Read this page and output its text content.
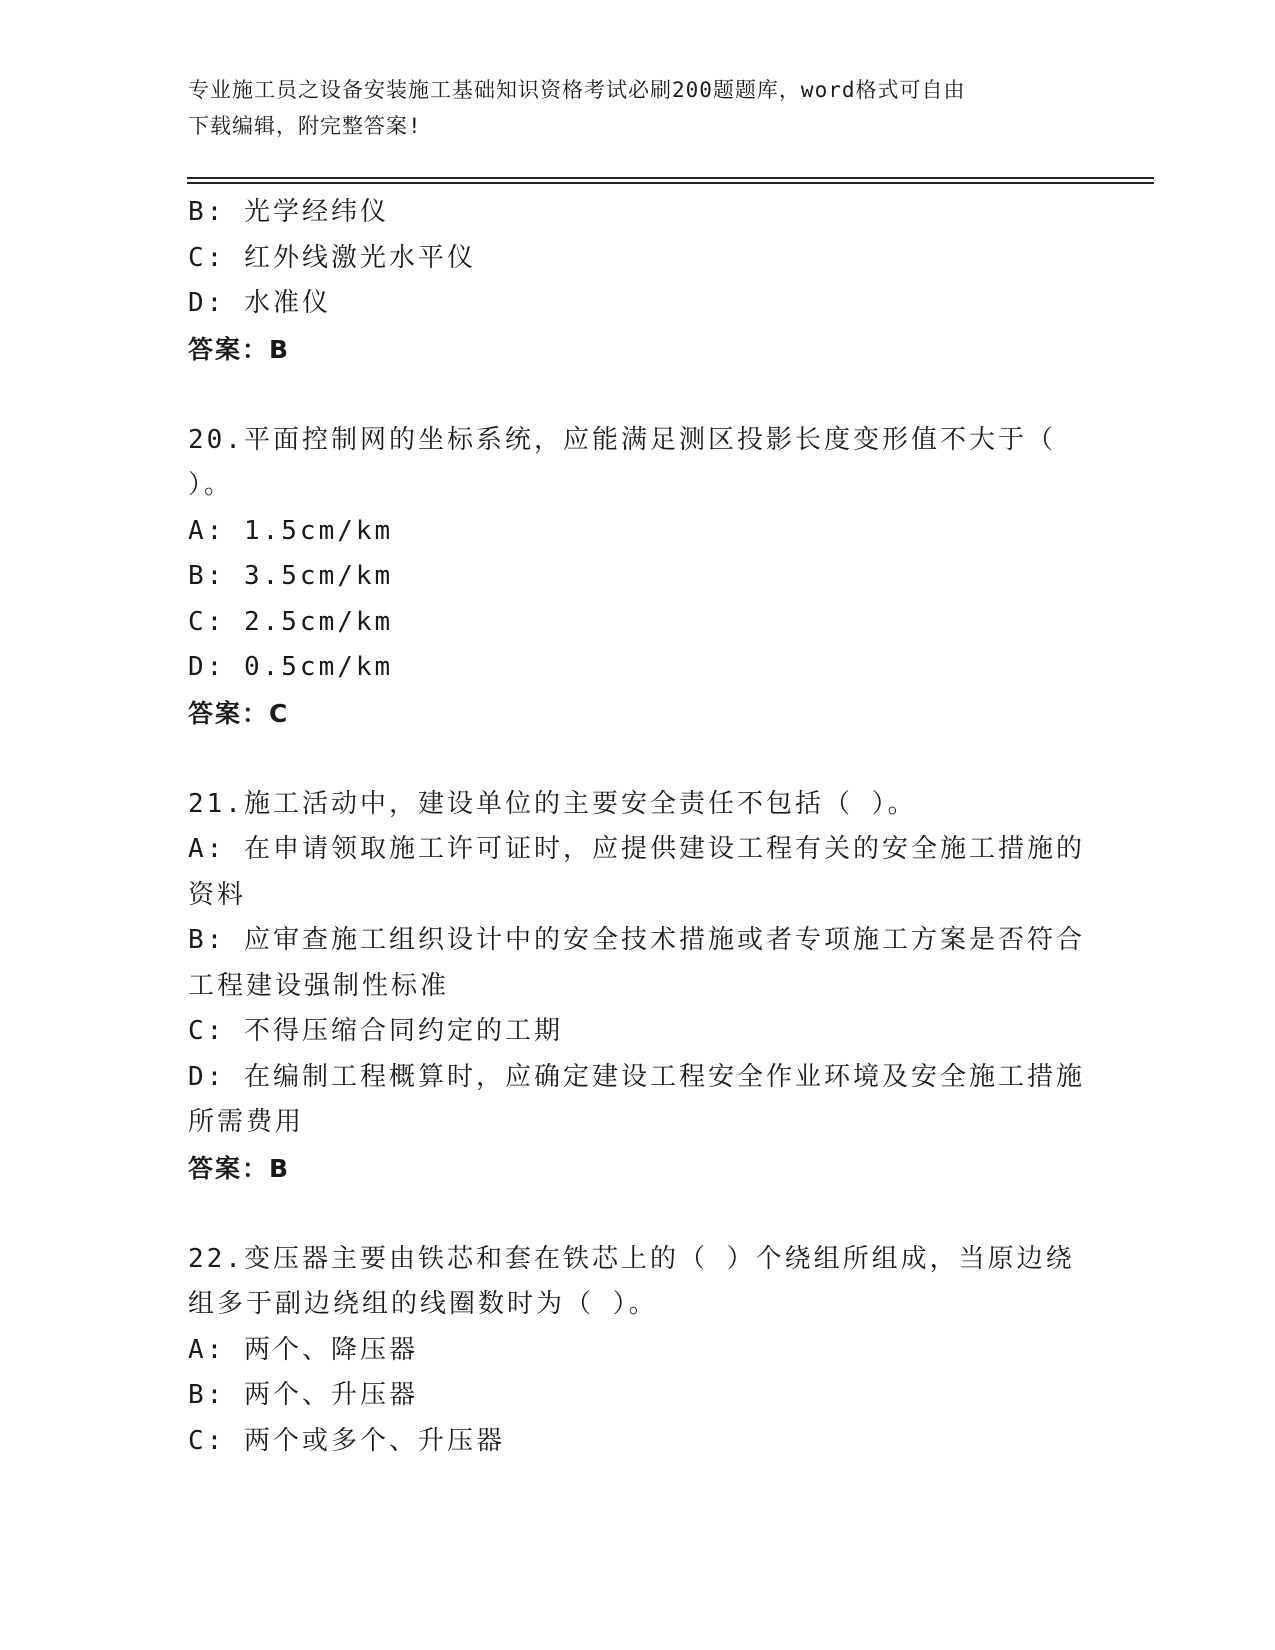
专业施工员之设备安装施工基础知识资格考试必刷200题题库，word格式可自由
下载编辑，附完整答案!
B: 光学经纬仪
C: 红外线激光水平仪
D: 水准仪
答案：B
20.平面控制网的坐标系统，应能满足测区投影长度变形值不大于（
）。
A: 1.5cm/km
B: 3.5cm/km
C: 2.5cm/km
D: 0.5cm/km
答案：C
21.施工活动中，建设单位的主要安全责任不包括（ ）。
A: 在申请领取施工许可证时，应提供建设工程有关的安全施工措施的
资料
B: 应审查施工组织设计中的安全技术措施或者专项施工方案是否符合
工程建设强制性标准
C: 不得压缩合同约定的工期
D: 在编制工程概算时，应确定建设工程安全作业环境及安全施工措施
所需费用
答案：B
22.变压器主要由铁芯和套在铁芯上的（ ）个绕组所组成，当原边绕
组多于副边绕组的线圈数时为（ ）。
A: 两个、降压器
B: 两个、升压器
C: 两个或多个、升压器
